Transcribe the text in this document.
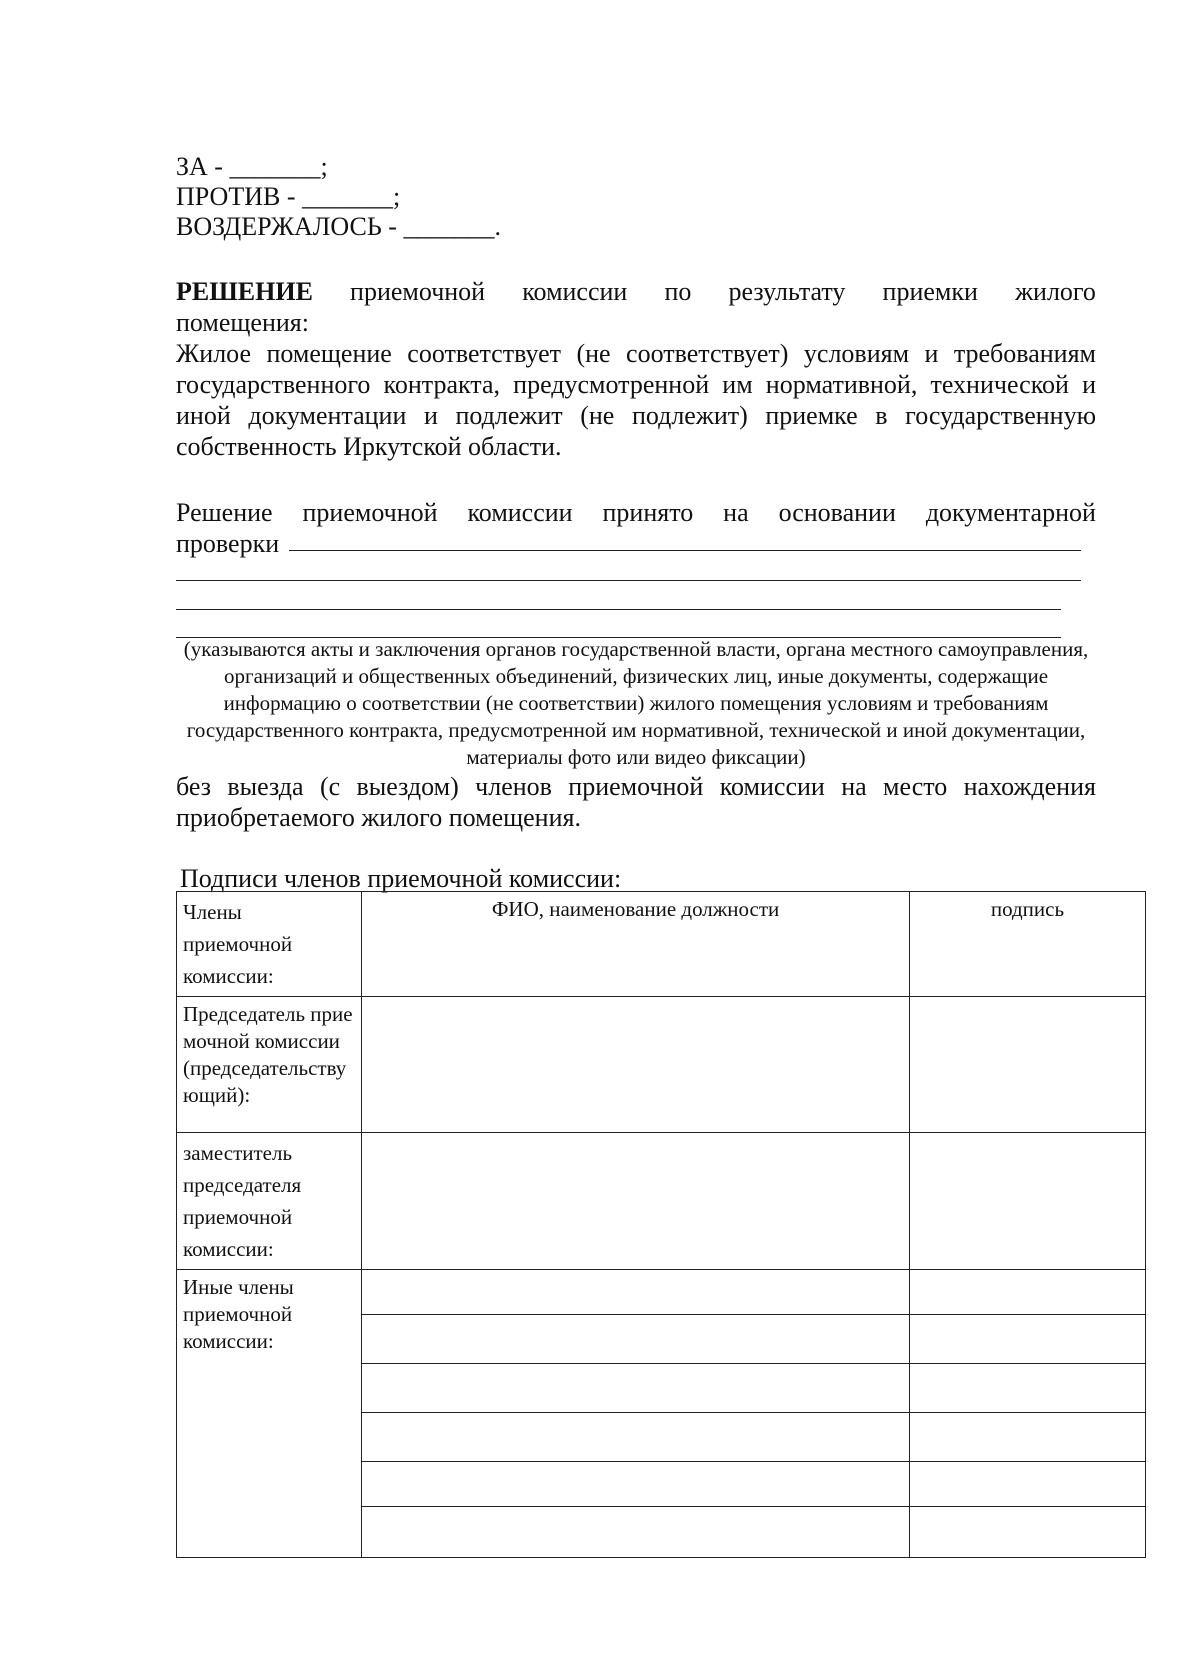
ЗА - _______;
ПРОТИВ - _______;
ВОЗДЕРЖАЛОСЬ - _______.
РЕШЕНИЕ приемочной комиссии по результату приемки жилого
помещения:
Жилое помещение соответствует (не соответствует) условиям и требованиям государственного контракта, предусмотренной им нормативной, технической и иной документации и подлежит (не подлежит) приемке в государственную собственность Иркутской области.
Решение приемочной комиссии принято на основании документарной
проверки
(указываются акты и заключения органов государственной власти, органа местного самоуправления, организаций и общественных объединений, физических лиц, иные документы, содержащие информацию о соответствии (не соответствии) жилого помещения условиям и требованиям государственного контракта, предусмотренной им нормативной, технической и иной документации, материалы фото или видео фиксации)
без выезда (с выездом) членов приемочной комиссии на место нахождения
приобретаемого жилого помещения.
Подписи членов приемочной комиссии:
Члены приемочной комиссии:	ФИО, наименование должности	подпись

Председатель приемочной комиссии (председательствующий):		

заместитель председателя приемочной комиссии:		

Иные члены приемочной комиссии:		
